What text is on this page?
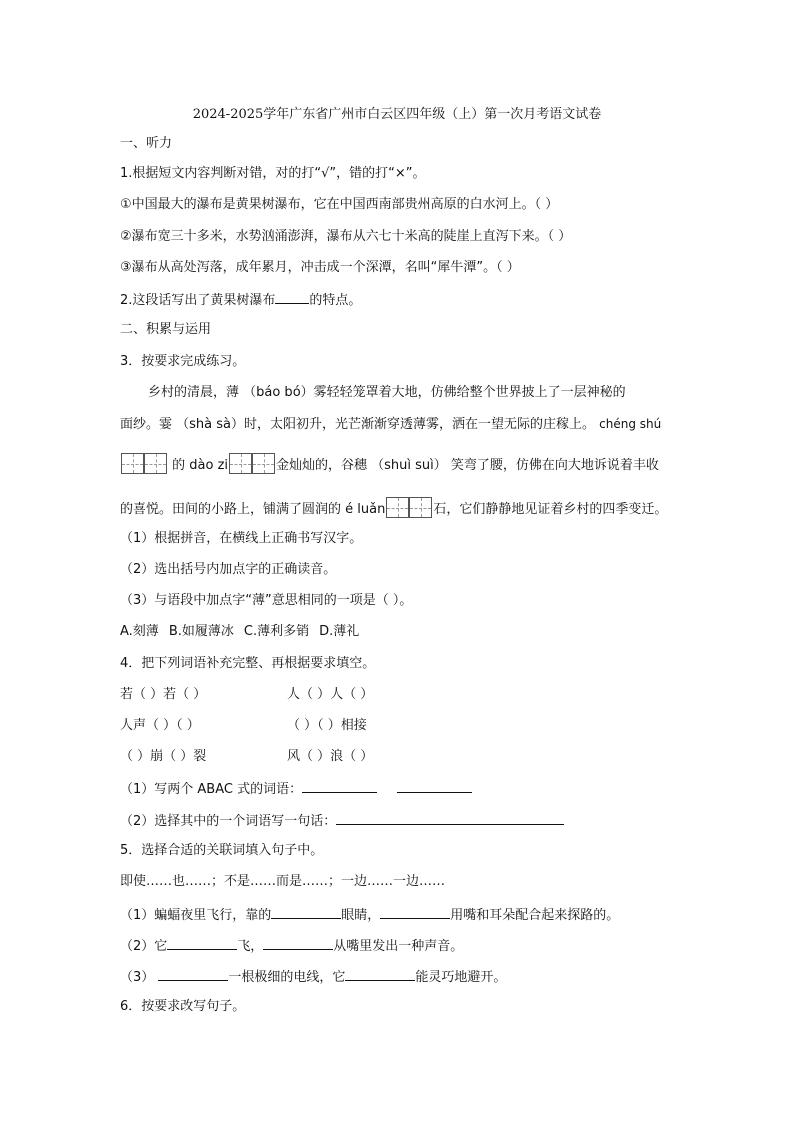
2024-2025学年广东省广州市白云区四年级（上）第一次月考语文试卷
一、听力
1.根据短文内容判断对错，对的打“√”，错的打“×”。
①中国最大的瀑布是黄果树瀑布，它在中国西南部贵州高原的白水河上。（ ）
②瀑布宽三十多米，水势汹涌澎湃，瀑布从六七十米高的陡崖上直泻下来。（ ）
③瀑布从高处泻落，成年累月，冲击成一个深潭，名叫“犀牛潭”。（ ）
2.这段话写出了黄果树瀑布	的特点。
二、积累与运用
3．按要求完成练习。
乡村的清晨，薄 （báo bó）雾轻轻笼罩着大地，仿佛给整个世界披上了一层神秘的
面纱。霎 （shà sà）时，太阳初升，光芒渐渐穿透薄雾，洒在一望无际的庄稼上。 chéng shú
的 dào zi	金灿灿的，谷穗 （shuì suì） 笑弯了腰，仿佛在向大地诉说着丰收
的喜悦。田间的小路上，铺满了圆润的 é luǎn	石，它们静静地见证着乡村的四季变迁。
（1）根据拼音，在横线上正确书写汉字。
（2）选出括号内加点字的正确读音。
（3）与语段中加点字“薄”意思相同的一项是（ ）。
A.刻薄 B.如履薄冰 C.薄利多销 D.薄礼
4．把下列词语补充完整、再根据要求填空。
若（ ）若（ ）	人（ ）人（ ）
人声（ ）（ ）	（ ）（ ）相接
（ ）崩（ ）裂	风（ ）浪（ ）
（1）写两个 ABAC 式的词语：
（2）选择其中的一个词语写一句话：
5．选择合适的关联词填入句子中。
即使……也……；不是……而是……；一边……一边……
（1）蝙蝠夜里飞行，靠的	眼睛，	用嘴和耳朵配合起来探路的。
（2）它	飞，	从嘴里发出一种声音。
（3）	一根极细的电线，它	能灵巧地避开。
6．按要求改写句子。
